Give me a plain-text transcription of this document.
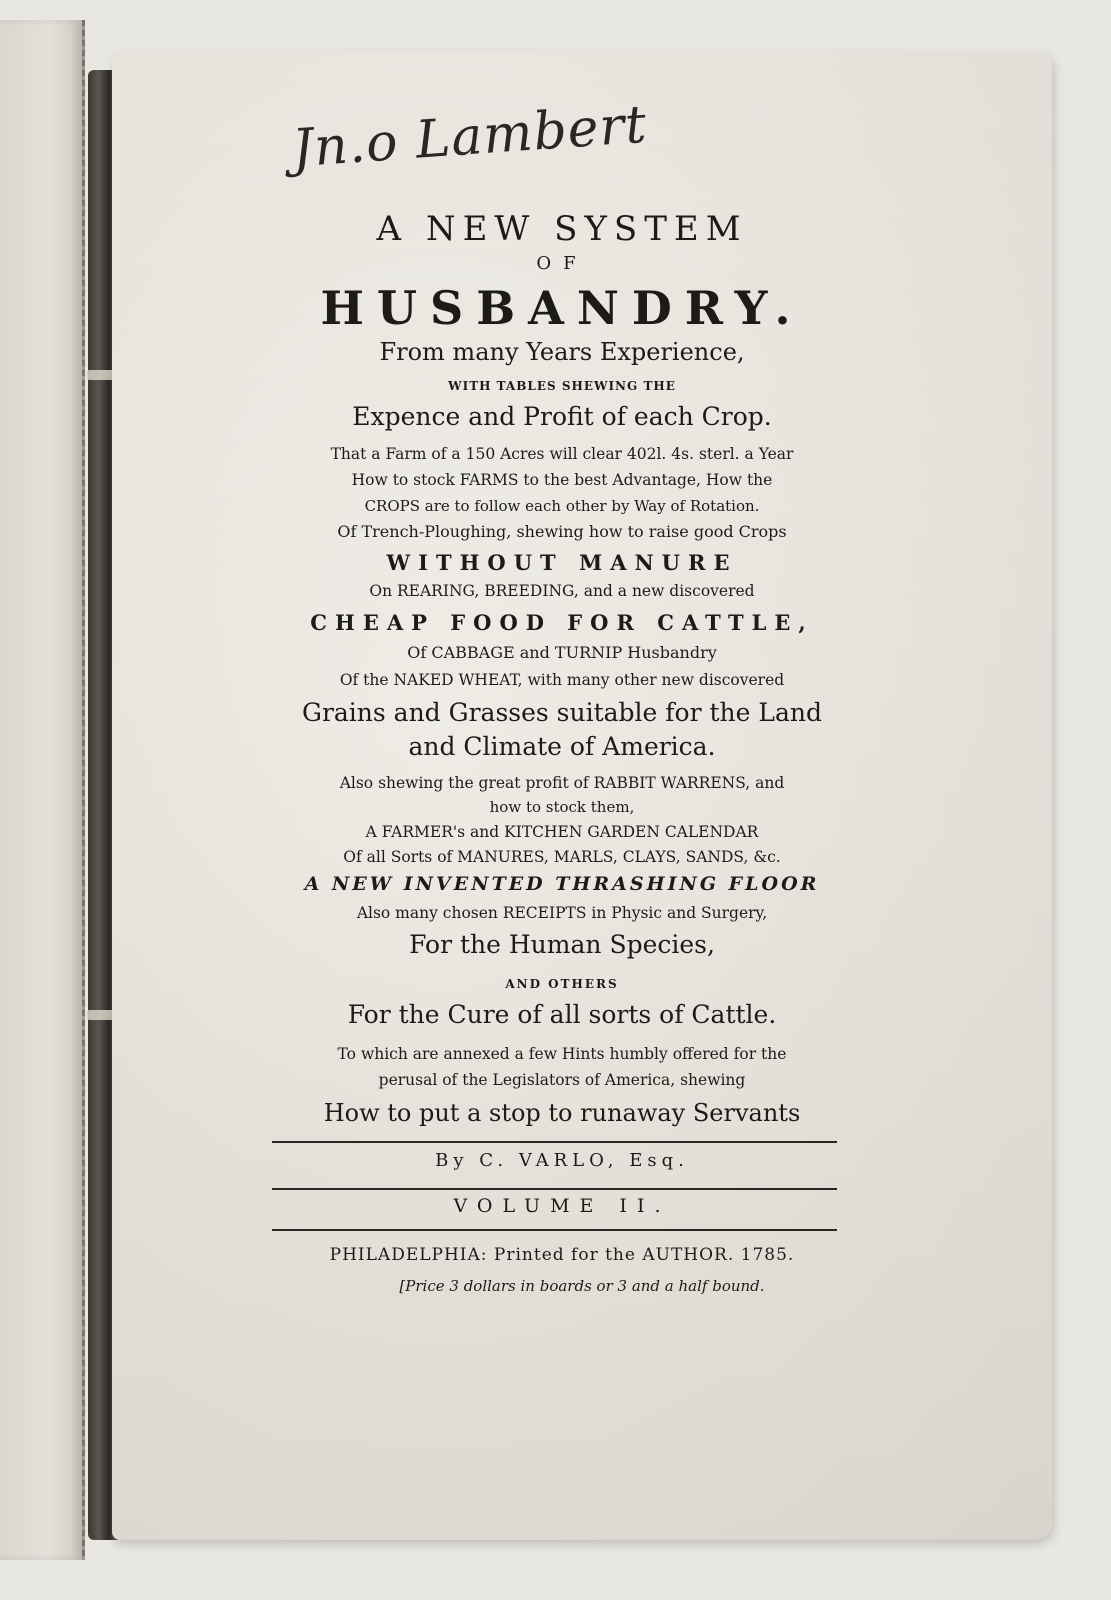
Jn.o Lambert
A NEW SYSTEM
OF
HUSBANDRY.
From many Years Experience,
WITH TABLES SHEWING THE
Expence and Profit of each Crop.
That a Farm of a 150 Acres will clear 402l. 4s. sterl. a Year
How to stock FARMS to the best Advantage, How the
CROPS are to follow each other by Way of Rotation.
Of Trench-Ploughing, shewing how to raise good Crops
WITHOUT MANURE
On REARING, BREEDING, and a new discovered
CHEAP FOOD FOR CATTLE,
Of CABBAGE and TURNIP Husbandry
Of the NAKED WHEAT, with many other new discovered
Grains and Grasses suitable for the Land
and Climate of America.
Also shewing the great profit of RABBIT WARRENS, and
how to stock them,
A FARMER's and KITCHEN GARDEN CALENDAR
Of all Sorts of MANURES, MARLS, CLAYS, SANDS, &c.
A NEW INVENTED THRASHING FLOOR
Also many chosen RECEIPTS in Physic and Surgery,
For the Human Species,
AND OTHERS
For the Cure of all sorts of Cattle.
To which are annexed a few Hints humbly offered for the
perusal of the Legislators of America, shewing
How to put a stop to runaway Servants
By C. VARLO, Esq.
VOLUME II.
PHILADELPHIA: Printed for the AUTHOR. 1785.
[Price 3 dollars in boards or 3 and a half bound.
